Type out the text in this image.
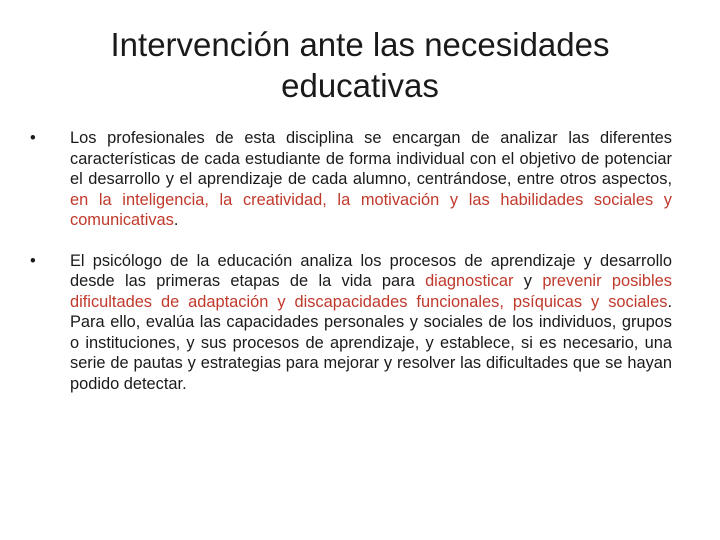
Intervención ante las necesidades
educativas
•	Los profesionales de esta disciplina se encargan de analizar las diferentes características de cada estudiante de forma individual con el objetivo de potenciar el desarrollo y el aprendizaje de cada alumno, centrándose, entre otros aspectos, en la inteligencia, la creatividad, la motivación y las habilidades sociales y comunicativas.
•	El psicólogo de la educación analiza los procesos de aprendizaje y desarrollo desde las primeras etapas de la vida para diagnosticar y prevenir posibles dificultades de adaptación y discapacidades funcionales, psíquicas y sociales. Para ello, evalúa las capacidades personales y sociales de los individuos, grupos o instituciones, y sus procesos de aprendizaje, y establece, si es necesario, una serie de pautas y estrategias para mejorar y resolver las dificultades que se hayan podido detectar.
